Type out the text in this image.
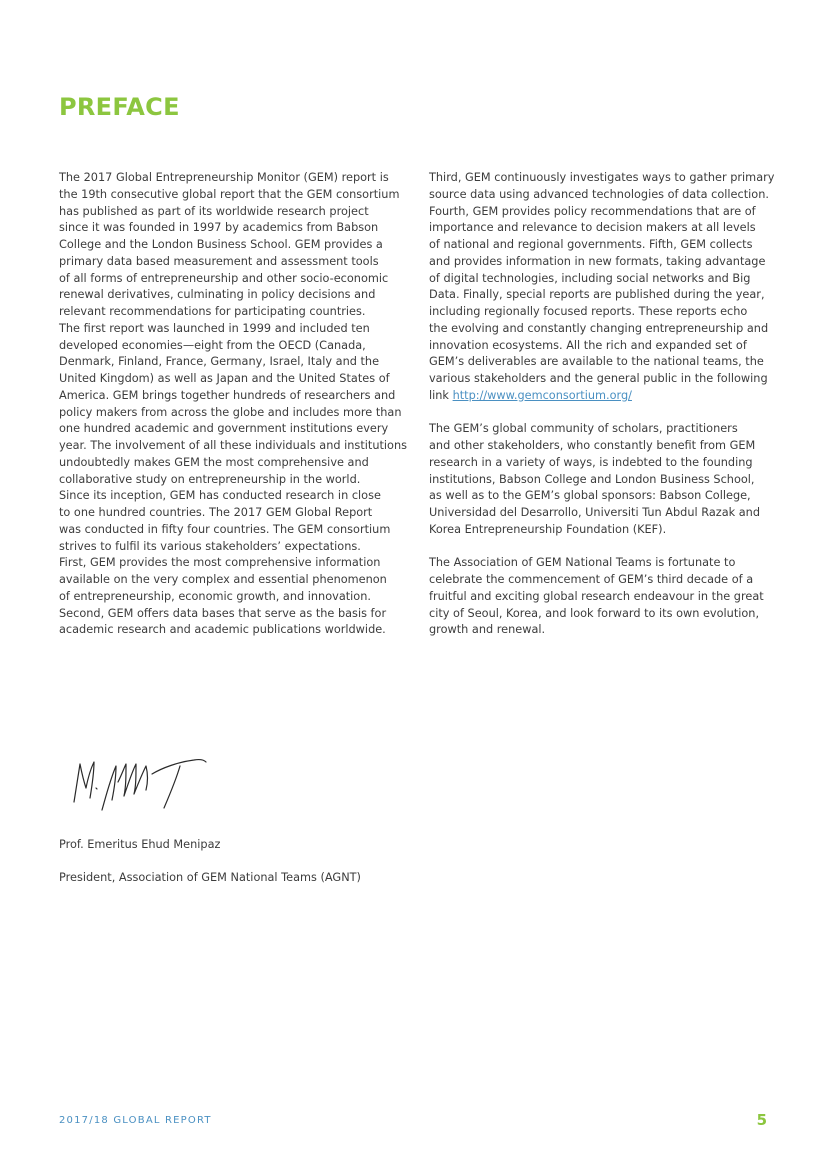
PREFACE
The 2017 Global Entrepreneurship Monitor (GEM) report is
the 19th consecutive global report that the GEM consortium
has published as part of its worldwide research project
since it was founded in 1997 by academics from Babson
College and the London Business School. GEM provides a
primary data based measurement and assessment tools
of all forms of entrepreneurship and other socio-economic
renewal derivatives, culminating in policy decisions and
relevant recommendations for participating countries.
The first report was launched in 1999 and included ten
developed economies—eight from the OECD (Canada,
Denmark, Finland, France, Germany, Israel, Italy and the
United Kingdom) as well as Japan and the United States of
America. GEM brings together hundreds of researchers and
policy makers from across the globe and includes more than
one hundred academic and government institutions every
year. The involvement of all these individuals and institutions
undoubtedly makes GEM the most comprehensive and
collaborative study on entrepreneurship in the world.
Since its inception, GEM has conducted research in close
to one hundred countries. The 2017 GEM Global Report
was conducted in fifty four countries. The GEM consortium
strives to fulfil its various stakeholders’ expectations.
First, GEM provides the most comprehensive information
available on the very complex and essential phenomenon
of entrepreneurship, economic growth, and innovation.
Second, GEM offers data bases that serve as the basis for
academic research and academic publications worldwide.
Third, GEM continuously investigates ways to gather primary
source data using advanced technologies of data collection.
Fourth, GEM provides policy recommendations that are of
importance and relevance to decision makers at all levels
of national and regional governments. Fifth, GEM collects
and provides information in new formats, taking advantage
of digital technologies, including social networks and Big
Data. Finally, special reports are published during the year,
including regionally focused reports. These reports echo
the evolving and constantly changing entrepreneurship and
innovation ecosystems. All the rich and expanded set of
GEM’s deliverables are available to the national teams, the
various stakeholders and the general public in the following
link http://www.gemconsortium.org/
The GEM’s global community of scholars, practitioners
and other stakeholders, who constantly benefit from GEM
research in a variety of ways, is indebted to the founding
institutions, Babson College and London Business School,
as well as to the GEM’s global sponsors: Babson College,
Universidad del Desarrollo, Universiti Tun Abdul Razak and
Korea Entrepreneurship Foundation (KEF).
The Association of GEM National Teams is fortunate to
celebrate the commencement of GEM’s third decade of a
fruitful and exciting global research endeavour in the great
city of Seoul, Korea, and look forward to its own evolution,
growth and renewal.
Prof. Emeritus Ehud Menipaz
President, Association of GEM National Teams (AGNT)
2017/18 GLOBAL REPORT	5
